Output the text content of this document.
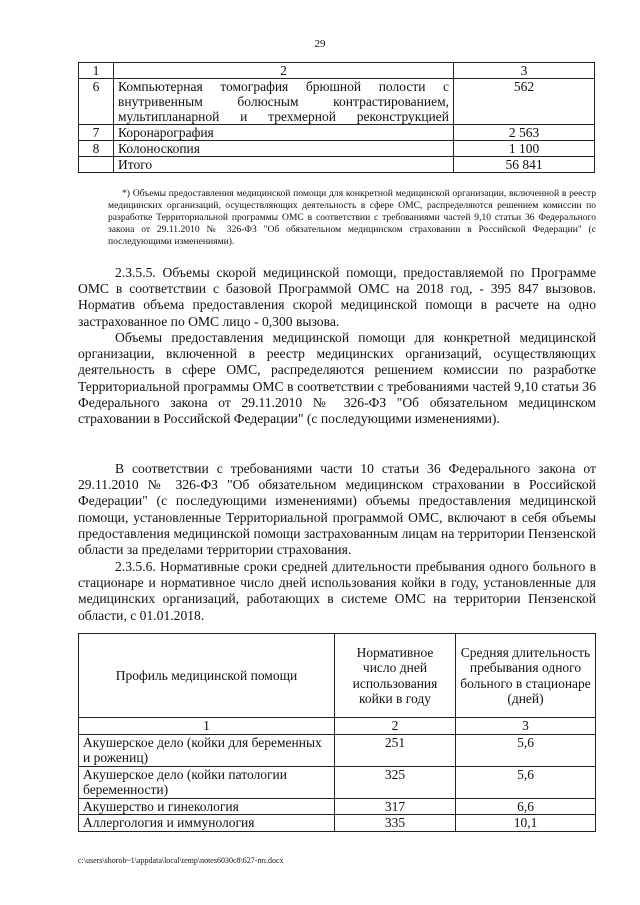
29
1	2	3
6	Компьютерная томография брюшной полости с внутривенным болюсным контрастированием, мультипланарной и трехмерной реконструкцией	562
7	Коронарография	2 563
8	Колоноскопия	1 100
	Итого	56 841
*) Объемы предоставления медицинской помощи для конкретной медицинской организации, включенной в реестр медицинских организаций, осуществляющих деятельность в сфере ОМС, распределяются решением комиссии по разработке Территориальной программы ОМС в соответствии с требованиями частей 9,10 статьи 36 Федерального закона от 29.11.2010 № 326-ФЗ "Об обязательном медицинском страховании в Российской Федерации" (с последующими изменениями).
2.3.5.5. Объемы скорой медицинской помощи, предоставляемой по Программе ОМС в соответствии с базовой Программой ОМС на 2018 год, - 395 847 вызовов. Норматив объема предоставления скорой медицинской помощи в расчете на одно застрахованное по ОМС лицо - 0,300 вызова.
Объемы предоставления медицинской помощи для конкретной медицинской организации, включенной в реестр медицинских организаций, осуществляющих деятельность в сфере ОМС, распределяются решением комиссии по разработке Территориальной программы ОМС в соответствии с требованиями частей 9,10 статьи 36 Федерального закона от 29.11.2010 № 326-ФЗ "Об обязательном медицинском страховании в Российской Федерации" (с последующими изменениями).
В соответствии с требованиями части 10 статьи 36 Федерального закона от 29.11.2010 № 326-ФЗ "Об обязательном медицинском страховании в Российской Федерации" (с последующими изменениями) объемы предоставления медицинской помощи, установленные Территориальной программой ОМС, включают в себя объемы предоставления медицинской помощи застрахованным лицам на территории Пензенской области за пределами территории страхования.
2.3.5.6. Нормативные сроки средней длительности пребывания одного больного в стационаре и нормативное число дней использования койки в году, установленные для медицинских организаций, работающих в системе ОМС на территории Пензенской области, с 01.01.2018.
Профиль медицинской помощи	Нормативное число дней использования койки в году	Средняя длительность пребывания одного больного в стационаре (дней)
1	2	3
Акушерское дело (койки для беременных и рожениц)	251	5,6
Акушерское дело (койки патологии беременности)	325	5,6
Акушерство и гинекология	317	6,6
Аллергология и иммунология	335	10,1
c:\users\shorob~1\appdata\local\temp\notes6030c8\627-пп.docx
